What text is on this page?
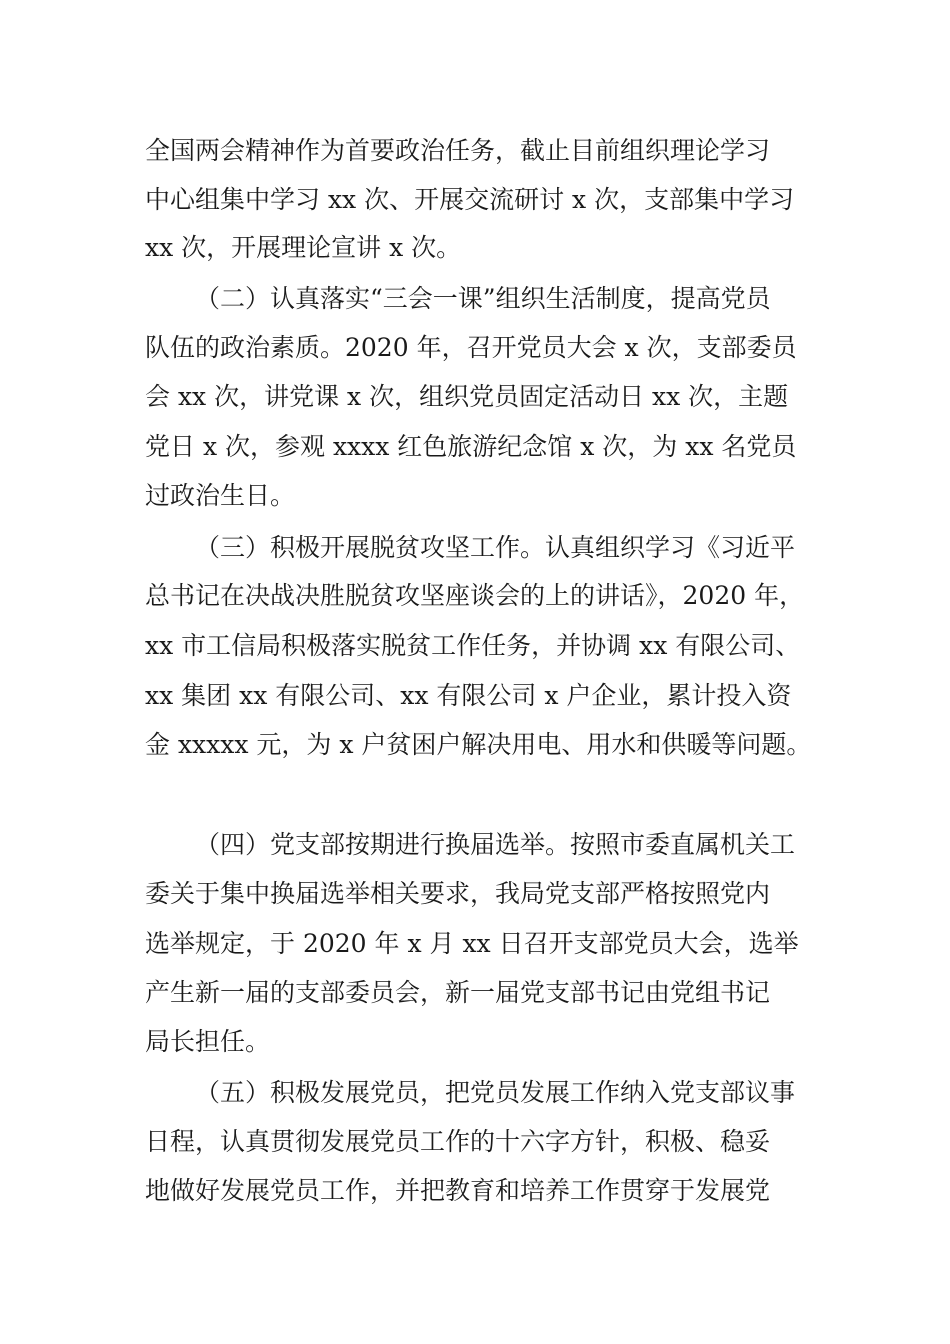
全国两会精神作为首要政治任务，截止目前组织理论学习
中心组集中学习 xx 次、开展交流研讨 x 次，支部集中学习
xx 次，开展理论宣讲 x 次。
（二）认真落实“三会一课”组织生活制度，提高党员
队伍的政治素质。2020 年，召开党员大会 x 次，支部委员
会 xx 次，讲党课 x 次，组织党员固定活动日 xx 次，主题
党日 x 次，参观 xxxx 红色旅游纪念馆 x 次，为 xx 名党员
过政治生日。
（三）积极开展脱贫攻坚工作。认真组织学习《习近平
总书记在决战决胜脱贫攻坚座谈会的上的讲话》，2020 年，
xx 市工信局积极落实脱贫工作任务，并协调 xx 有限公司、
xx 集团 xx 有限公司、xx 有限公司 x 户企业，累计投入资
金 xxxxx 元，为 x 户贫困户解决用电、用水和供暖等问题。
（四）党支部按期进行换届选举。按照市委直属机关工
委关于集中换届选举相关要求，我局党支部严格按照党内
选举规定，于 2020 年 x 月 xx 日召开支部党员大会，选举
产生新一届的支部委员会，新一届党支部书记由党组书记
局长担任。
（五）积极发展党员，把党员发展工作纳入党支部议事
日程，认真贯彻发展党员工作的十六字方针，积极、稳妥
地做好发展党员工作，并把教育和培养工作贯穿于发展党
